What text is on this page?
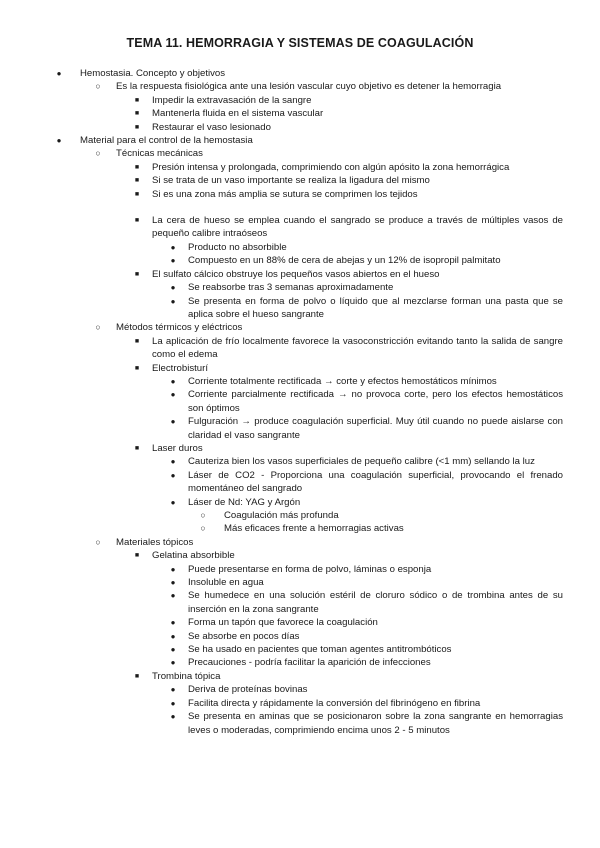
TEMA 11. HEMORRAGIA Y SISTEMAS DE COAGULACIÓN
● Hemostasia. Concepto y objetivos
○ Es la respuesta fisiológica ante una lesión vascular cuyo objetivo es detener la hemorragia
■	Impedir la extravasación de la sangre
■	Mantenerla fluida en el sistema vascular
■	Restaurar el vaso lesionado
● Material para el control de la hemostasia
○ Técnicas mecánicas
■	Presión intensa y prolongada, comprimiendo con algún apósito la zona hemorrágica
■	Si se trata de un vaso importante se realiza la ligadura del mismo
■	Si es una zona más amplia se sutura se comprimen los tejidos
■	La cera de hueso se emplea cuando el sangrado se produce a través de múltiples vasos de pequeño calibre intraóseos
● Producto no absorbible
● Compuesto en un 88% de cera de abejas y un 12% de isopropil palmitato
■	El sulfato cálcico obstruye los pequeños vasos abiertos en el hueso
● Se reabsorbe tras 3 semanas aproximadamente
● Se presenta en forma de polvo o líquido que al mezclarse forman una pasta que se aplica sobre el hueso sangrante
○ Métodos térmicos y eléctricos
■	La aplicación de frío localmente favorece la vasoconstricción evitando tanto la salida de sangre como el edema
■	Electrobisturí
● Corriente totalmente rectificada → corte y efectos hemostáticos mínimos
● Corriente parcialmente rectificada → no provoca corte, pero los efectos hemostáticos son óptimos
● Fulguración → produce coagulación superficial. Muy útil cuando no puede aislarse con claridad el vaso sangrante
■	Laser duros
● Cauteriza bien los vasos superficiales de pequeño calibre (<1 mm) sellando la luz
● Láser de CO2 - Proporciona una coagulación superficial, provocando el frenado momentáneo del sangrado
● Láser de Nd: YAG y Argón
○ Coagulación más profunda
○ Más eficaces frente a hemorragias activas
○ Materiales tópicos
■	Gelatina absorbible
● Puede presentarse en forma de polvo, láminas o esponja
● Insoluble en agua
● Se humedece en una solución estéril de cloruro sódico o de trombina antes de su inserción en la zona sangrante
● Forma un tapón que favorece la coagulación
● Se absorbe en pocos días
● Se ha usado en pacientes que toman agentes antitrombóticos
● Precauciones - podría facilitar la aparición de infecciones
■	Trombina tópica
● Deriva de proteínas bovinas
● Facilita directa y rápidamente la conversión del fibrinógeno en fibrina
● Se presenta en aminas que se posicionaron sobre la zona sangrante en hemorragias leves o moderadas, comprimiendo encima unos 2 - 5 minutos
